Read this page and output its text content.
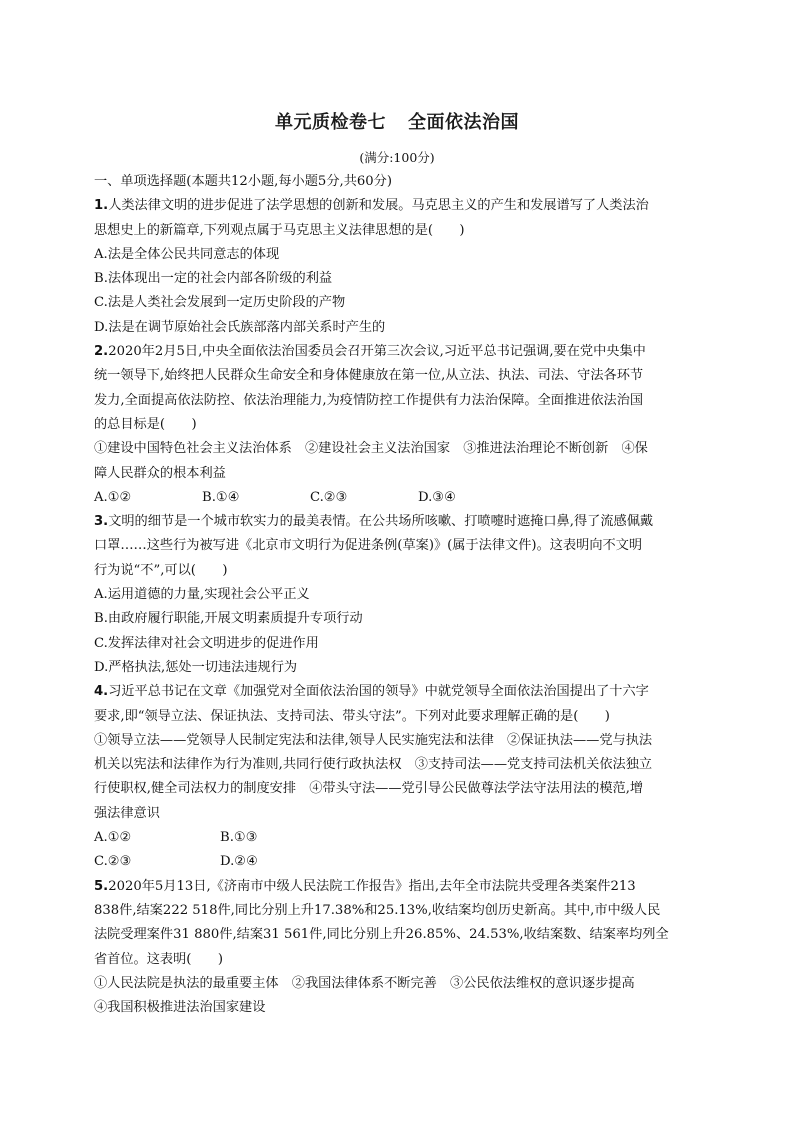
单元质检卷七 全面依法治国
(满分:100分)
一、单项选择题(本题共12小题,每小题5分,共60分)
1.人类法律文明的进步促进了法学思想的创新和发展。马克思主义的产生和发展谱写了人类法治
思想史上的新篇章,下列观点属于马克思主义法律思想的是(　　)
A.法是全体公民共同意志的体现
B.法体现出一定的社会内部各阶级的利益
C.法是人类社会发展到一定历史阶段的产物
D.法是在调节原始社会氏族部落内部关系时产生的
2.2020年2月5日,中央全面依法治国委员会召开第三次会议,习近平总书记强调,要在党中央集中
统一领导下,始终把人民群众生命安全和身体健康放在第一位,从立法、执法、司法、守法各环节
发力,全面提高依法防控、依法治理能力,为疫情防控工作提供有力法治保障。全面推进依法治国
的总目标是(　　)
①建设中国特色社会主义法治体系　②建设社会主义法治国家　③推进法治理论不断创新　④保
障人民群众的根本利益
A.①②	B.①④	C.②③	D.③④
3.文明的细节是一个城市软实力的最美表情。在公共场所咳嗽、打喷嚏时遮掩口鼻,得了流感佩戴
口罩……这些行为被写进《北京市文明行为促进条例(草案)》(属于法律文件)。这表明向不文明
行为说“不”,可以(　　)
A.运用道德的力量,实现社会公平正义
B.由政府履行职能,开展文明素质提升专项行动
C.发挥法律对社会文明进步的促进作用
D.严格执法,惩处一切违法违规行为
4.习近平总书记在文章《加强党对全面依法治国的领导》中就党领导全面依法治国提出了十六字
要求,即“领导立法、保证执法、支持司法、带头守法”。下列对此要求理解正确的是(　　)
①领导立法——党领导人民制定宪法和法律,领导人民实施宪法和法律　②保证执法——党与执法
机关以宪法和法律作为行为准则,共同行使行政执法权　③支持司法——党支持司法机关依法独立
行使职权,健全司法权力的制度安排　④带头守法——党引导公民做尊法学法守法用法的模范,增
强法律意识
A.①②	B.①③
C.②③	D.②④
5.2020年5月13日,《济南市中级人民法院工作报告》指出,去年全市法院共受理各类案件213
838件,结案222 518件,同比分别上升17.38%和25.13%,收结案均创历史新高。其中,市中级人民
法院受理案件31 880件,结案31 561件,同比分别上升26.85%、24.53%,收结案数、结案率均列全
省首位。这表明(　　)
①人民法院是执法的最重要主体　②我国法律体系不断完善　③公民依法维权的意识逐步提高
④我国积极推进法治国家建设
